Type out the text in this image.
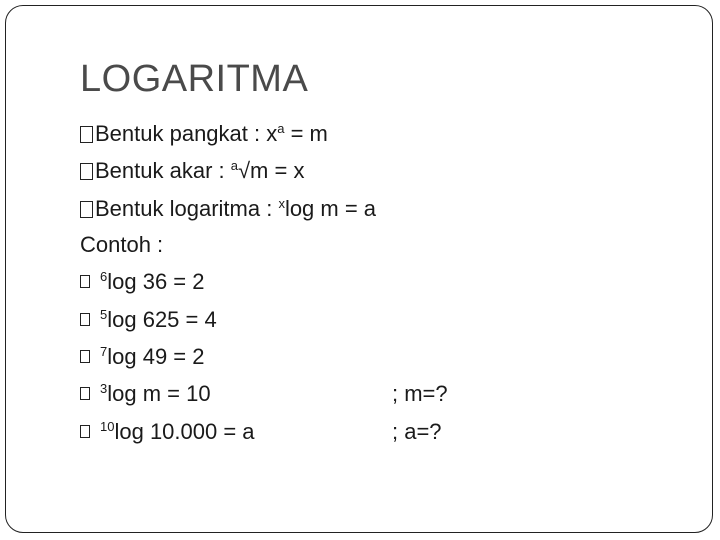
LOGARITMA
Bentuk pangkat : $x^a = m$
Bentuk akar : $^a$√m = x
Bentuk logaritma : $^x$log m = a
Contoh :
$^6$log 36 = 2
$^5$log 625 = 4
$^7$log 49 = 2
$^3$log m = 10	; m=?
$^{10}$log 10.000 = a	; a=?
